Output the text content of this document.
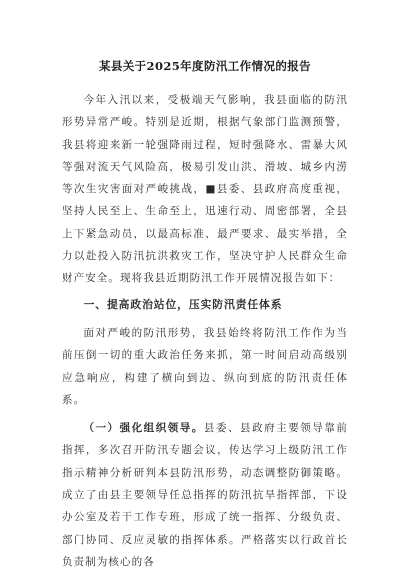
某县关于2025年度防汛工作情况的报告

今年入汛以来，受极端天气影响，我县面临的防汛形势异常严峻。特别是近期，根据气象部门监测预警，我县将迎来新一轮强降雨过程，短时强降水、雷暴大风等强对流天气风险高，极易引发山洪、滑坡、城乡内涝等次生灾害面对严峻挑战，■县委、县政府高度重视，坚持人民至上、生命至上，迅速行动、周密部署，全县上下紧急动员，以最高标准、最严要求、最实举措，全力以赴投入防汛抗洪救灾工作，坚决守护人民群众生命财产安全。现将我县近期防汛工作开展情况报告如下：

一、提高政治站位，压实防汛责任体系

面对严峻的防汛形势，我县始终将防汛工作作为当前压倒一切的重大政治任务来抓，第一时间启动高级别应急响应，构建了横向到边、纵向到底的防汛责任体系。

（一）强化组织领导。县委、县政府主要领导靠前指挥，多次召开防汛专题会议，传达学习上级防汛工作指示精神分析研判本县防汛形势，动态调整防御策略。成立了由县主要领导任总指挥的防汛抗旱指挥部，下设办公室及若干工作专班，形成了统一指挥、分级负责、部门协同、反应灵敏的指挥体系。严格落实以行政首长负责制为核心的各
